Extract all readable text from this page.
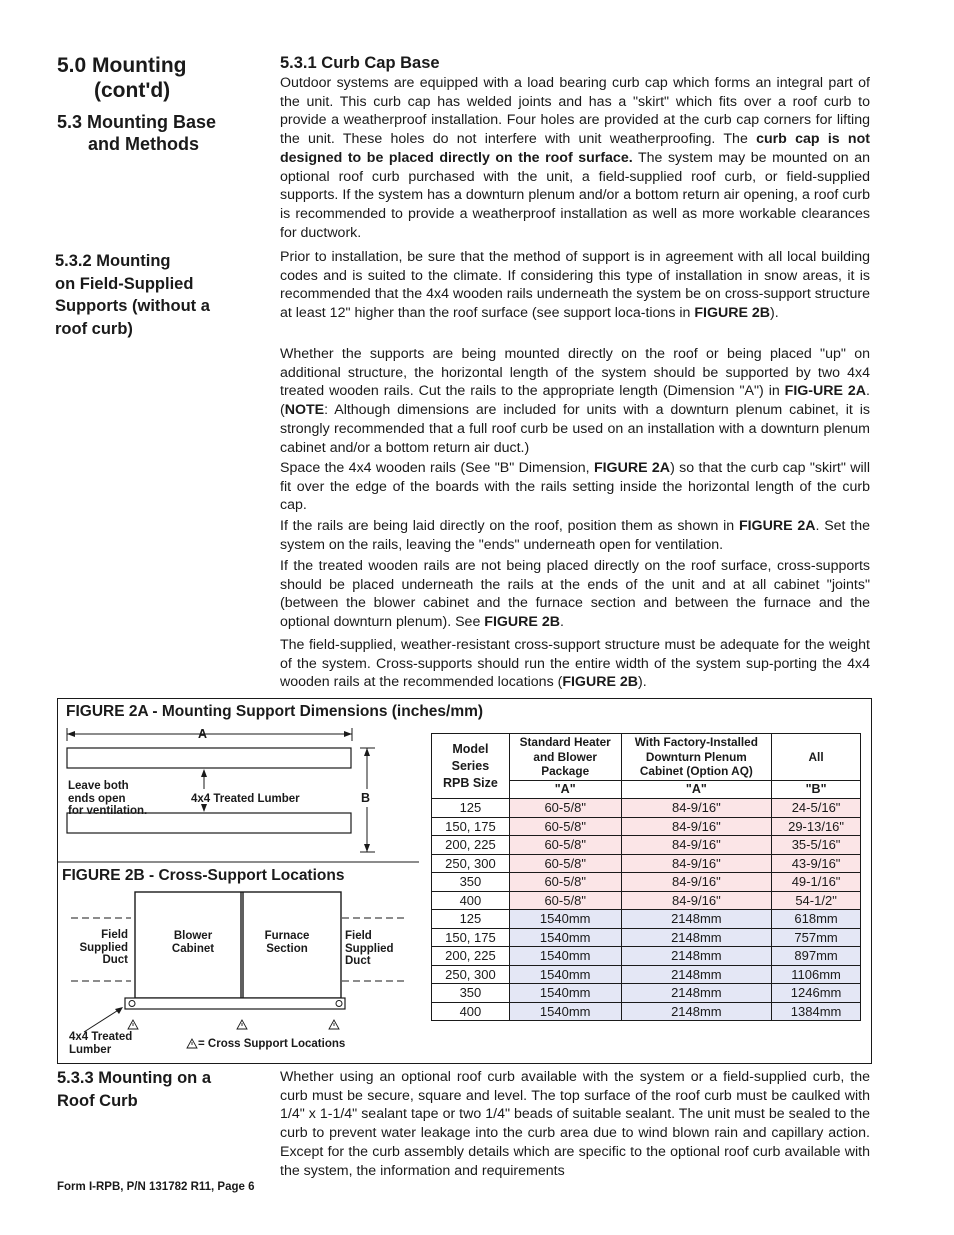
5.0 Mounting
(cont'd)
5.3 Mounting Base
and Methods
5.3.1 Curb Cap Base

Outdoor systems are equipped with a load bearing curb cap which forms an integral part of the unit. This curb cap has welded joints and has a "skirt" which fits over a roof curb to provide a weatherproof installation. Four holes are provided at the curb cap corners for lifting the unit. These holes do not interfere with unit weatherproofing. The curb cap is not designed to be placed directly on the roof surface. The system may be mounted on an optional roof curb purchased with the unit, a field-supplied roof curb, or field-supplied supports. If the system has a downturn plenum and/or a bottom return air opening, a roof curb is recommended to provide a weatherproof installation as well as more workable clearances for ductwork.

5.3.2 Mounting
on Field-Supplied
Supports (without a
roof curb)

Prior to installation, be sure that the method of support is in agreement with all local building codes and is suited to the climate. If considering this type of installation in snow areas, it is recommended that the 4x4 wooden rails underneath the system be on cross-support structure at least 12" higher than the roof surface (see support loca-tions in FIGURE 2B).

Whether the supports are being mounted directly on the roof or being placed "up" on additional structure, the horizontal length of the system should be supported by two 4x4 treated wooden rails. Cut the rails to the appropriate length (Dimension "A") in FIG-URE 2A. (NOTE: Although dimensions are included for units with a downturn plenum cabinet, it is strongly recommended that a full roof curb be used on an installation with a downturn plenum cabinet and/or a bottom return air duct.)

Space the 4x4 wooden rails (See "B" Dimension, FIGURE 2A) so that the curb cap "skirt" will fit over the edge of the boards with the rails setting inside the horizontal length of the curb cap.

If the rails are being laid directly on the roof, position them as shown in FIGURE 2A. Set the system on the rails, leaving the "ends" underneath open for ventilation.

If the treated wooden rails are not being placed directly on the roof surface, cross-supports should be placed underneath the rails at the ends of the unit and at all cabinet "joints" (between the blower cabinet and the furnace section and between the furnace and the optional downturn plenum). See FIGURE 2B.

The field-supplied, weather-resistant cross-support structure must be adequate for the weight of the system. Cross-supports should run the entire width of the system sup-porting the 4x4 wooden rails at the recommended locations (FIGURE 2B).

FIGURE 2A - Mounting Support Dimensions (inches/mm)
A
B
Leave both
ends open
for ventilation.
4x4 Treated Lumber
FIGURE 2B - Cross-Support Locations
Field
Supplied
Duct
Blower
Cabinet
Furnace
Section
Field
Supplied
Duct
4x4 Treated
Lumber	= Cross Support Locations
Model
Series
RPB Size	Standard Heater
and Blower
Package	With Factory-Installed
Downturn Plenum
Cabinet (Option AQ)	All
	"A"	"A"	"B"
125	60-5/8"	84-9/16"	24-5/16"
150, 175	60-5/8"	84-9/16"	29-13/16"
200, 225	60-5/8"	84-9/16"	35-5/16"
250, 300	60-5/8"	84-9/16"	43-9/16"
350	60-5/8"	84-9/16"	49-1/16"
400	60-5/8"	84-9/16"	54-1/2"
125	1540mm	2148mm	618mm
150, 175	1540mm	2148mm	757mm
200, 225	1540mm	2148mm	897mm
250, 300	1540mm	2148mm	1106mm
350	1540mm	2148mm	1246mm
400	1540mm	2148mm	1384mm
5.3.3 Mounting on a
Roof Curb

Whether using an optional roof curb available with the system or a field-supplied curb, the curb must be secure, square and level. The top surface of the roof curb must be caulked with 1/4" x 1-1/4" sealant tape or two 1/4" beads of suitable sealant. The unit must be sealed to the curb to prevent water leakage into the curb area due to wind blown rain and capillary action. Except for the curb assembly details which are specific to the optional roof curb available with the system, the information and requirements

Form I-RPB, P/N 131782 R11, Page 6
